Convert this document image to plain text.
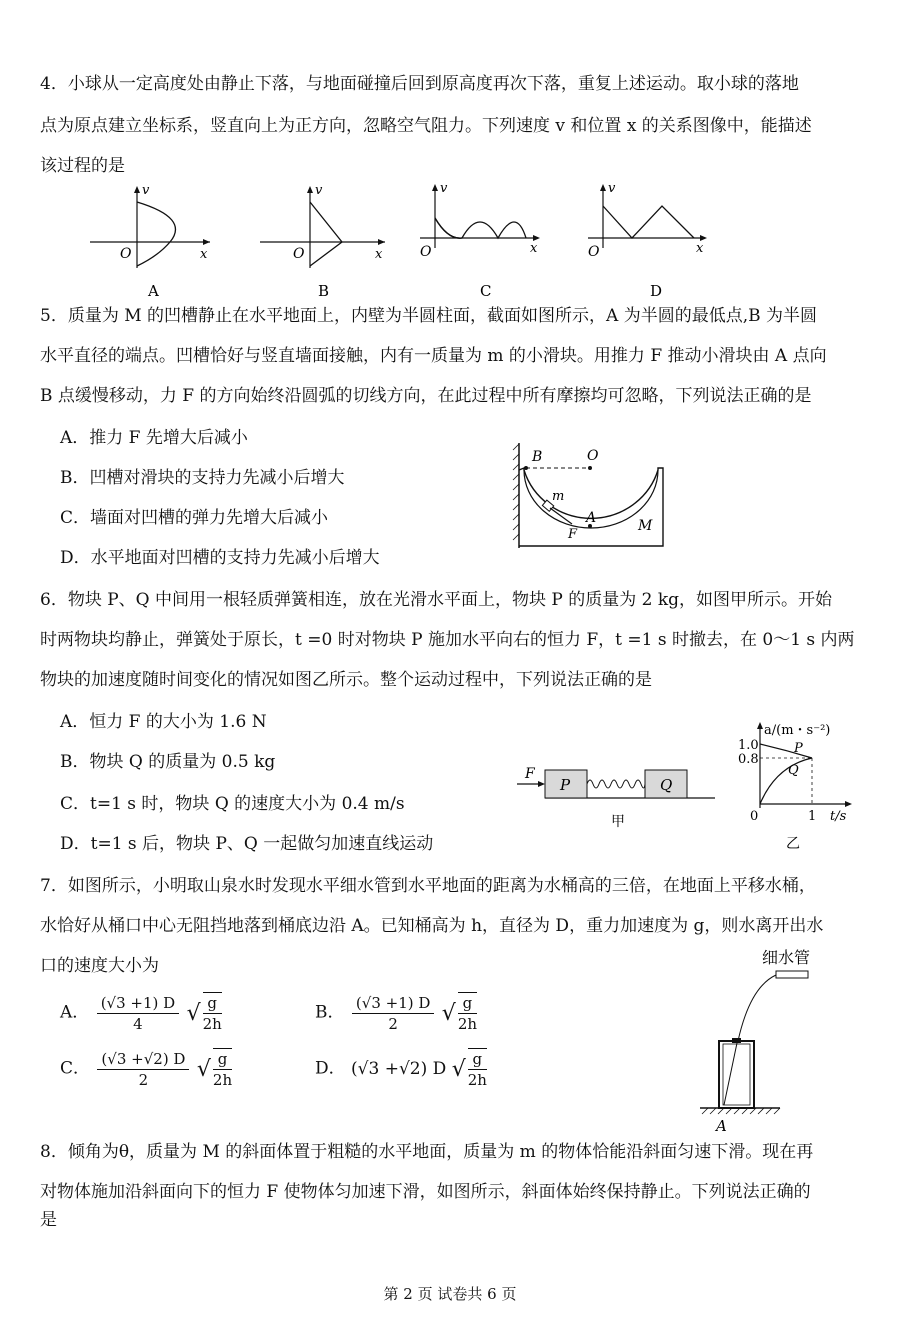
4．小球从一定高度处由静止下落，与地面碰撞后回到原高度再次下落，重复上述运动。取小球的落地
点为原点建立坐标系，竖直向上为正方向，忽略空气阻力。下列速度 v 和位置 x 的关系图像中，能描述
该过程的是
v
x
O
A
v
x
O
B
v
x
O
C
v
x
O
D
5．质量为 M 的凹槽静止在水平地面上，内壁为半圆柱面，截面如图所示，A 为半圆的最低点,B 为半圆
水平直径的端点。凹槽恰好与竖直墙面接触，内有一质量为 m 的小滑块。用推力 F 推动小滑块由 A 点向
B 点缓慢移动，力 F 的方向始终沿圆弧的切线方向，在此过程中所有摩擦均可忽略，下列说法正确的是
A．推力 F 先增大后减小
B．凹槽对滑块的支持力先减小后增大
C．墙面对凹槽的弹力先增大后减小
D．水平地面对凹槽的支持力先减小后增大
B	O
m
A
F
M
6．物块 P、Q 中间用一根轻质弹簧相连，放在光滑水平面上，物块 P 的质量为 2 kg，如图甲所示。开始
时两物块均静止，弹簧处于原长，t =0 时对物块 P 施加水平向右的恒力 F，t =1 s 时撤去，在 0～1 s 内两
物块的加速度随时间变化的情况如图乙所示。整个运动过程中，下列说法正确的是
A．恒力 F 的大小为 1.6 N
B．物块 Q 的质量为 0.5 kg
C．t=1 s 时，物块 Q 的速度大小为 0.4 m/s
D．t=1 s 后，物块 P、Q 一起做匀加速直线运动
F
P	Q
甲
a/(m・s⁻²)
1.0
0.8
P
Q
0	1 t/s
乙
7．如图所示，小明取山泉水时发现水平细水管到水平地面的距离为水桶高的三倍，在地面上平移水桶，
水恰好从桶口中心无阻挡地落到桶底边沿 A。已知桶高为 h，直径为 D，重力加速度为 g，则水离开出水
口的速度大小为
A． $\frac{(√3 +1) D}{4}$ √ $\frac{g}{2h}$	B． $\frac{(√3 +1) D}{2}$ √ $\frac{g}{2h}$
C． $\frac{(√3 +√2) D}{2}$ √ $\frac{g}{2h}$	D． (√3 +√2) D √ $\frac{g}{2h}$
细水管
A
8．倾角为θ，质量为 M 的斜面体置于粗糙的水平地面，质量为 m 的物体恰能沿斜面匀速下滑。现在再
对物体施加沿斜面向下的恒力 F 使物体匀加速下滑，如图所示，斜面体始终保持静止。下列说法正确的
是
第 2 页 试卷共 6 页
